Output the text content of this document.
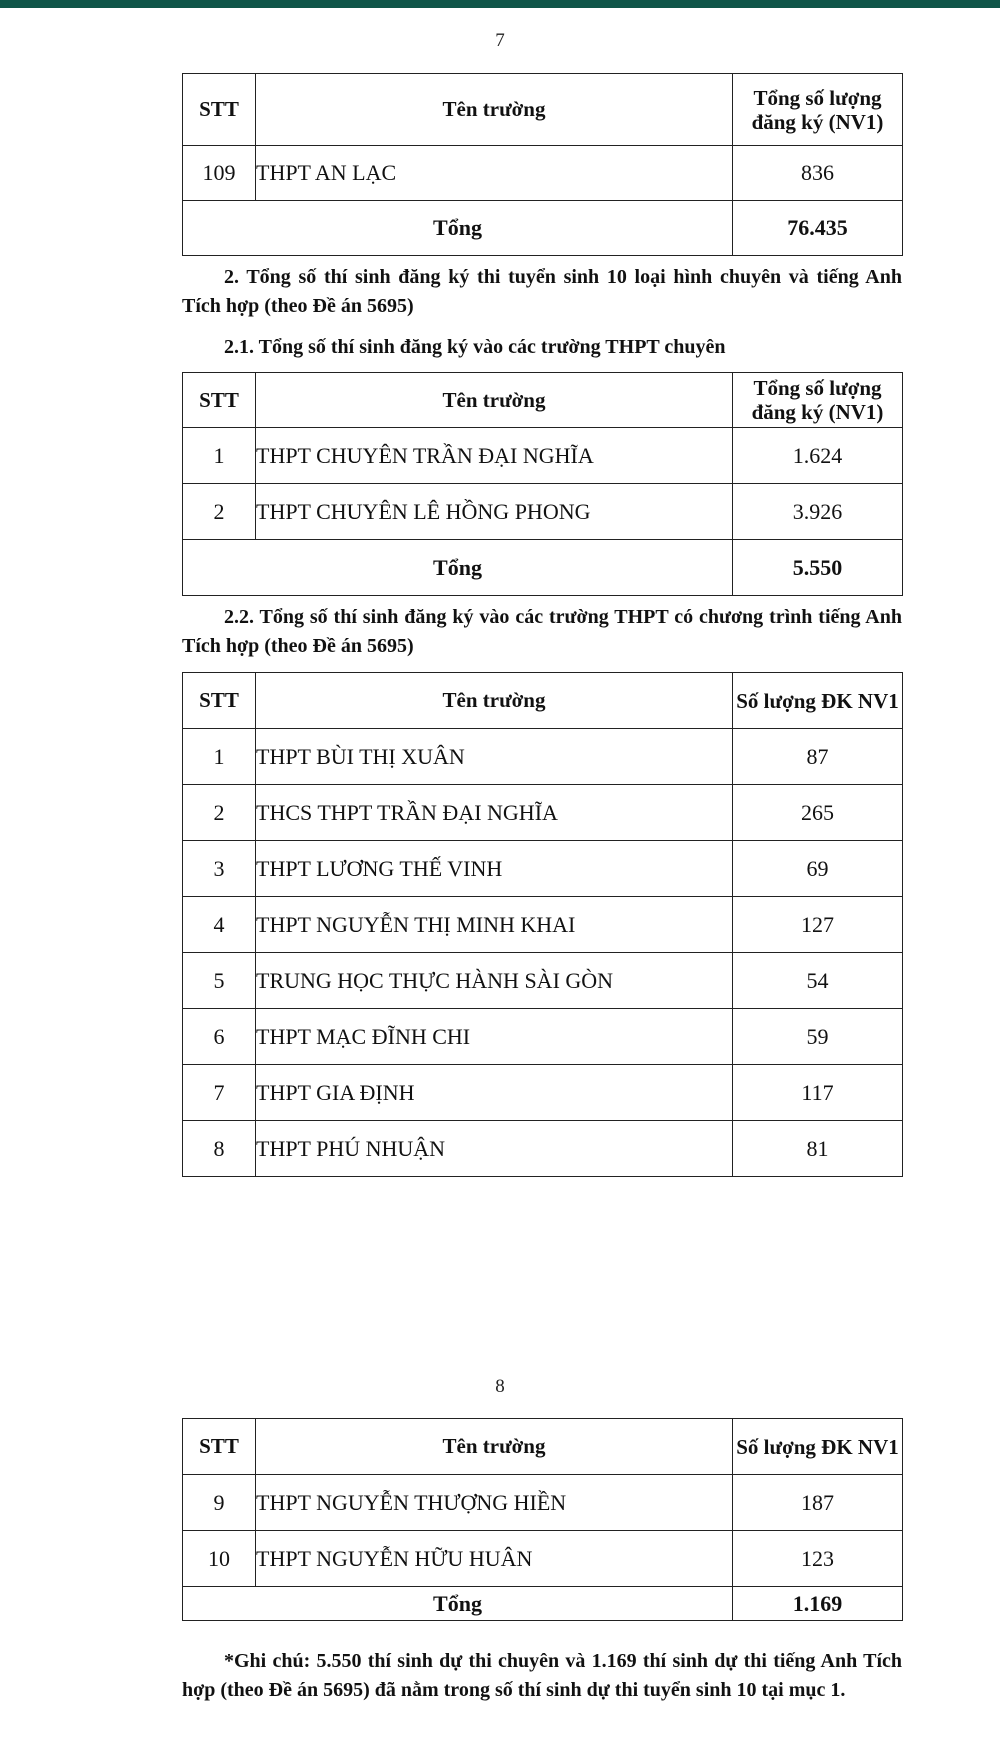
7
STT	Tên trường	Tổng số lượng đăng ký (NV1)
109	THPT AN LẠC	836
Tổng		76.435
2. Tổng số thí sinh đăng ký thi tuyển sinh 10 loại hình chuyên và tiếng Anh Tích hợp (theo Đề án 5695)
2.1. Tổng số thí sinh đăng ký vào các trường THPT chuyên
STT	Tên trường	Tổng số lượng đăng ký (NV1)
1	THPT CHUYÊN TRẦN ĐẠI NGHĨA	1.624
2	THPT CHUYÊN LÊ HỒNG PHONG	3.926
Tổng		5.550
2.2. Tổng số thí sinh đăng ký vào các trường THPT có chương trình tiếng Anh Tích hợp (theo Đề án 5695)
STT	Tên trường	Số lượng ĐK NV1
1	THPT BÙI THỊ XUÂN	87
2	THCS THPT TRẦN ĐẠI NGHĨA	265
3	THPT LƯƠNG THẾ VINH	69
4	THPT NGUYỄN THỊ MINH KHAI	127
5	TRUNG HỌC THỰC HÀNH SÀI GÒN	54
6	THPT MẠC ĐĨNH CHI	59
7	THPT GIA ĐỊNH	117
8	THPT PHÚ NHUẬN	81
8
STT	Tên trường	Số lượng ĐK NV1
9	THPT NGUYỄN THƯỢNG HIỀN	187
10	THPT NGUYỄN HỮU HUÂN	123
Tổng		1.169
*Ghi chú: 5.550 thí sinh dự thi chuyên và 1.169 thí sinh dự thi tiếng Anh Tích hợp (theo Đề án 5695) đã nằm trong số thí sinh dự thi tuyển sinh 10 tại mục 1.
